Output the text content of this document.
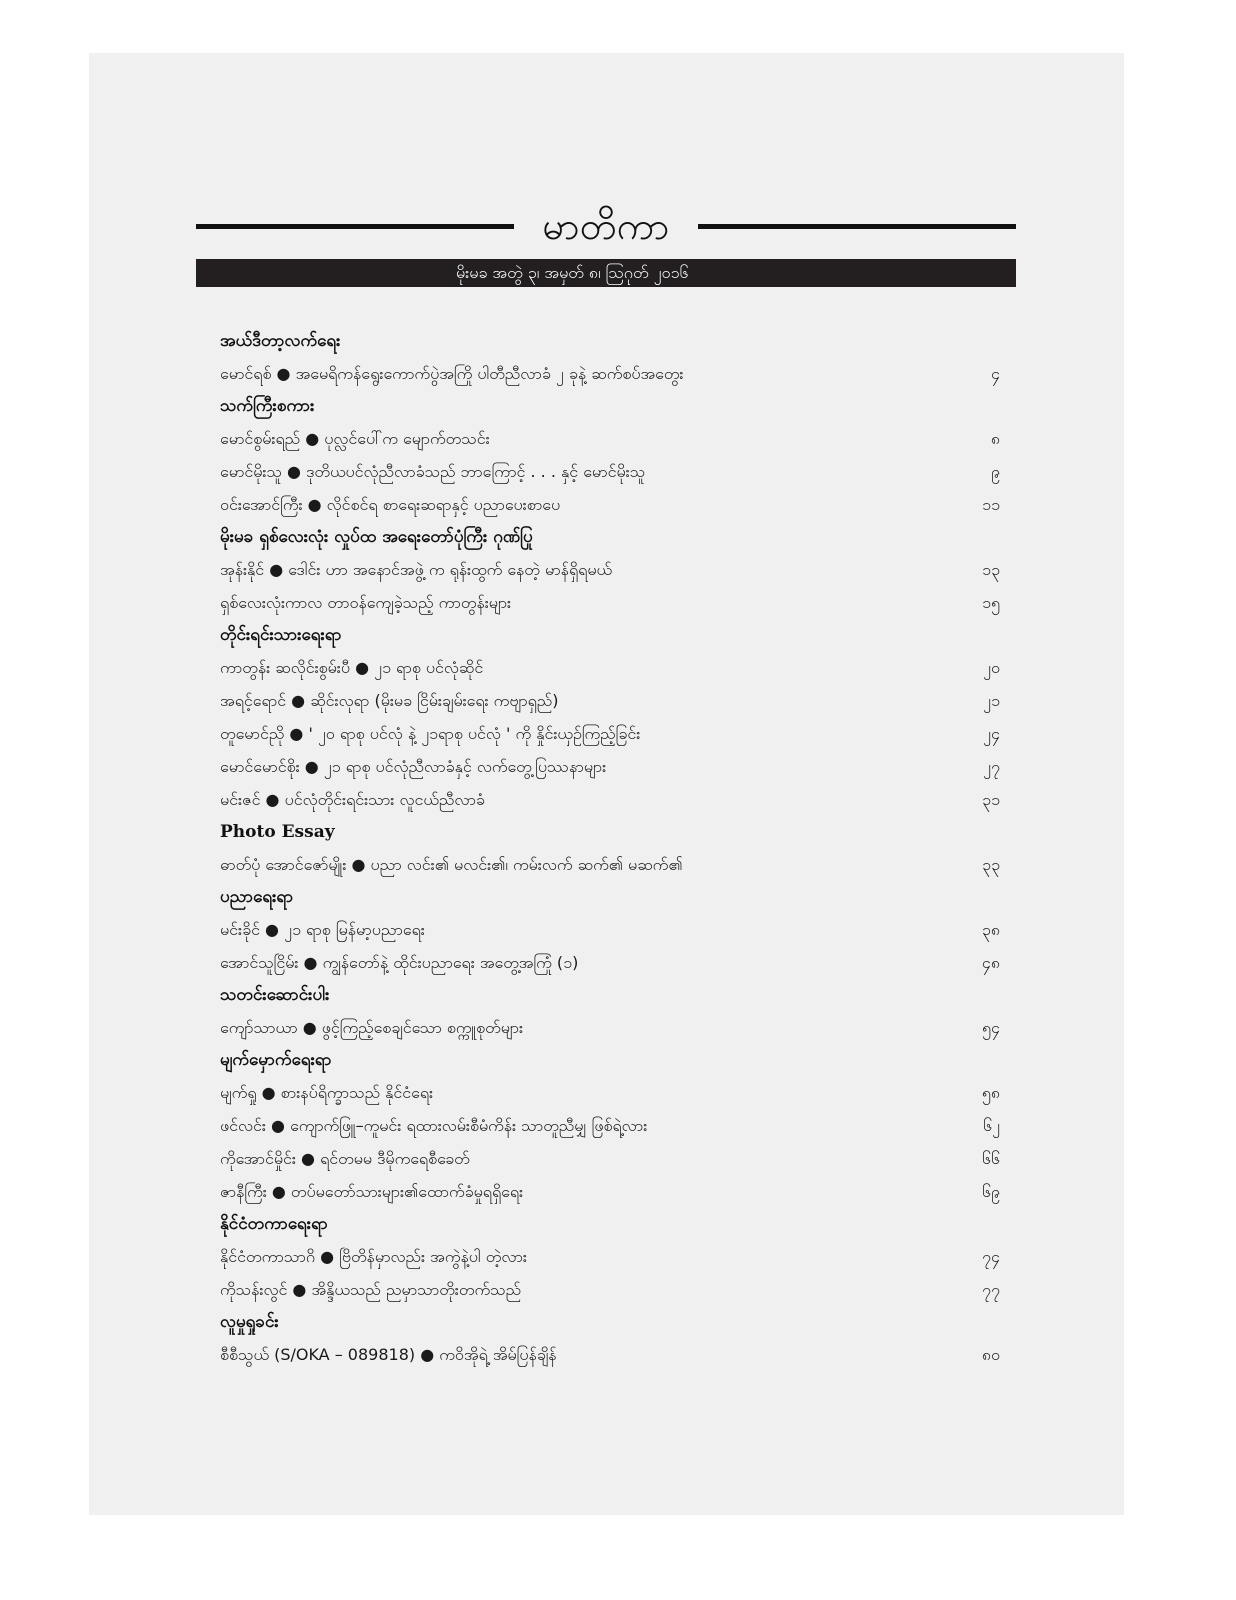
မာတိကာ
မိုးမခ အတွဲ ၃၊ အမှတ် ၈၊ ဩဂုတ် ၂၀၁၆
အယ်ဒီတာ့လက်ရေး
မောင်ရစ် ● အမေရိကန်ရွေးကောက်ပွဲအကြို ပါတီညီလာခံ ၂ ခုနဲ့ ဆက်စပ်အတွေး	၄
သက်ကြီးစကား
မောင်စွမ်းရည် ● ပုလ္လင်ပေါ်က မျောက်တသင်း	၈
မောင်မိုးသူ ● ဒုတိယပင်လုံညီလာခံသည် ဘာကြောင့် . . . နှင့် မောင်မိုးသူ	၉
ဝင်းအောင်ကြီး ● လိုင်စင်ရ စာရေးဆရာနှင့် ပညာပေးစာပေ	၁၁
မိုးမခ ရှစ်လေးလုံး လှုပ်ထ အရေးတော်ပုံကြီး ဂုဏ်ပြု
အုန်းနိုင် ● ဒေါင်း ဟာ အနောင်အဖွဲ့ က ရုန်းထွက် နေတဲ့ မာန်ရှိရမယ်	၁၃
ရှစ်လေးလုံးကာလ တာဝန်ကျေခဲ့သည့် ကာတွန်းများ	၁၅
တိုင်းရင်းသားရေးရာ
ကာတွန်း ဆလိုင်းစွမ်းပီ ● ၂၁ ရာစု ပင်လုံဆိုင်	၂၀
အရင့်ရောင် ● ဆိုင်းလုရာ (မိုးမခ ငြိမ်းချမ်းရေး ကဗျာရှည်)	၂၁
တူမောင်ညို ● ' ၂၀ ရာစု ပင်လုံ နဲ့ ၂၁ရာစု ပင်လုံ ' ကို နှိုင်းယှဉ်ကြည့်ခြင်း	၂၄
မောင်မောင်စိုး ● ၂၁ ရာစု ပင်လုံညီလာခံနှင့် လက်တွေ့ပြဿနာများ	၂၇
မင်းဇင် ● ပင်လုံတိုင်းရင်းသား လူငယ်ညီလာခံ	၃၁
Photo Essay
ဓာတ်ပုံ အောင်ဇော်မျိုး ● ပညာ လင်း၏ မလင်း၏၊ ကမ်းလက် ဆက်၏ မဆက်၏	၃၃
ပညာရေးရာ
မင်းခိုင် ● ၂၁ ရာစု မြန်မာ့ပညာရေး	၃၈
အောင်သူငြိမ်း ● ကျွန်တော်နဲ့ ထိုင်းပညာရေး အတွေ့အကြုံ (၁)	၄၈
သတင်းဆောင်းပါး
ကျော်သာယာ ● ဖွင့်ကြည့်စေချင်သော စက္ကူစုတ်များ	၅၄
မျက်မှောက်ရေးရာ
မျက်ရှု ● စားနပ်ရိက္ခာသည် နိုင်ငံရေး	၅၈
ဖင်လင်း ● ကျောက်ဖြူ–ကူမင်း ရထားလမ်းစီမံကိန်း သာတူညီမျှ ဖြစ်ရဲ့လား	၆၂
ကိုအောင်မှိုင်း ● ရင်တမမ ဒီမိုကရေစီခေတ်	၆၆
ဇာနီကြီး ● တပ်မတော်သားများ၏ထောက်ခံမှုရရှိရေး	၆၉
နိုင်ငံတကာရေးရာ
နိုင်ငံတကာသာဂိ ● ဗြိတိန်မှာလည်း အကွဲနဲ့ပါ တဲ့လား	၇၄
ကိုသန်းလွင် ● အိန္ဒိယသည် ညမှာသာတိုးတက်သည်	၇၇
လူမှုရှုခင်း
စီစီသွယ် (S/OKA – 089818) ● ကဝိအိုရဲ့ အိမ်ပြန်ချိန်	၈၀
